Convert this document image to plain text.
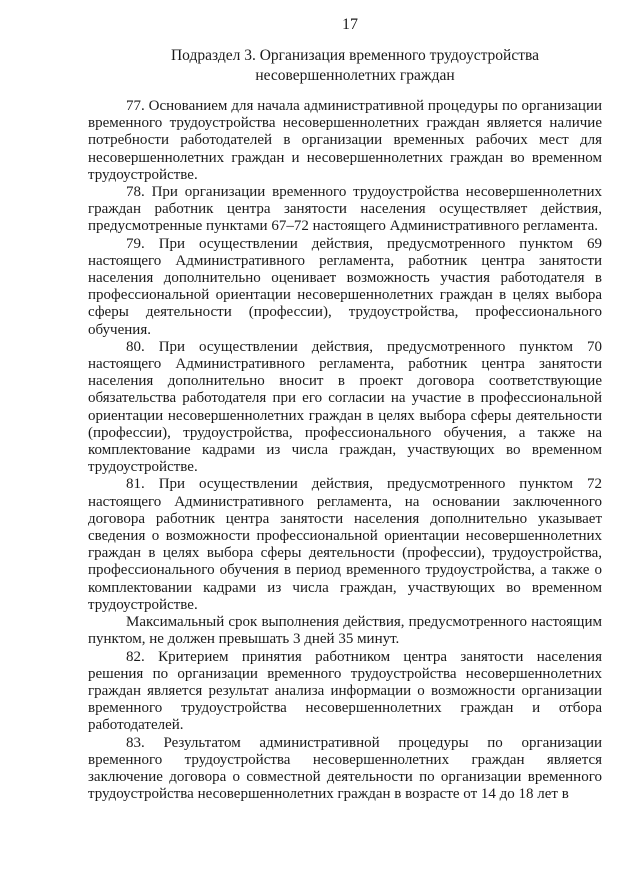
17
Подраздел 3. Организация временного трудоустройства
несовершеннолетних граждан

77. Основанием для начала административной процедуры по организации временного трудоустройства несовершеннолетних граждан является наличие потребности работодателей в организации временных рабочих мест для несовершеннолетних граждан и несовершеннолетних граждан во временном трудоустройстве.

78. При организации временного трудоустройства несовершеннолетних граждан работник центра занятости населения осуществляет действия, предусмотренные пунктами 67–72 настоящего Административного регламента.

79. При осуществлении действия, предусмотренного пунктом 69 настоящего Административного регламента, работник центра занятости населения дополнительно оценивает возможность участия работодателя в профессиональной ориентации несовершеннолетних граждан в целях выбора сферы деятельности (профессии), трудоустройства, профессионального обучения.

80. При осуществлении действия, предусмотренного пунктом 70 настоящего Административного регламента, работник центра занятости населения дополнительно вносит в проект договора соответствующие обязательства работодателя при его согласии на участие в профессиональной ориентации несовершеннолетних граждан в целях выбора сферы деятельности (профессии), трудоустройства, профессионального обучения, а также на комплектование кадрами из числа граждан, участвующих во временном трудоустройстве.

81. При осуществлении действия, предусмотренного пунктом 72 настоящего Административного регламента, на основании заключенного договора работник центра занятости населения дополнительно указывает сведения о возможности профессиональной ориентации несовершеннолетних граждан в целях выбора сферы деятельности (профессии), трудоустройства, профессионального обучения в период временного трудоустройства, а также о комплектовании кадрами из числа граждан, участвующих во временном трудоустройстве.

Максимальный срок выполнения действия, предусмотренного настоящим пунктом, не должен превышать 3 дней 35 минут.

82. Критерием принятия работником центра занятости населения решения по организации временного трудоустройства несовершеннолетних граждан является результат анализа информации о возможности организации временного трудоустройства несовершеннолетних граждан и отбора работодателей.

83. Результатом административной процедуры по организации временного трудоустройства несовершеннолетних граждан является заключение договора о совместной деятельности по организации временного трудоустройства несовершеннолетних граждан в возрасте от 14 до 18 лет в
